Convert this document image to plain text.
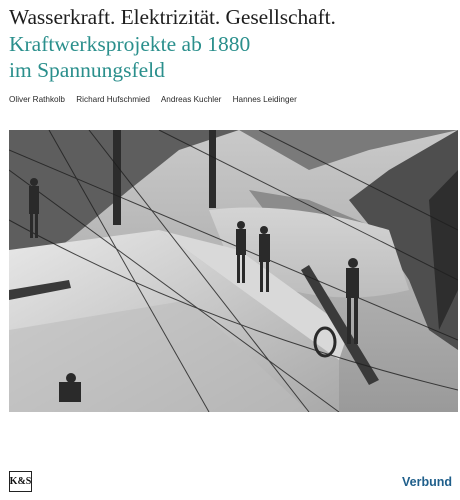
Wasserkraft. Elektrizität. Gesellschaft.
Kraftwerksprojekte ab 1880
im Spannungsfeld
Oliver Rathkolb Richard Hufschmied Andreas Kuchler Hannes Leidinger
K&S	Verbund
